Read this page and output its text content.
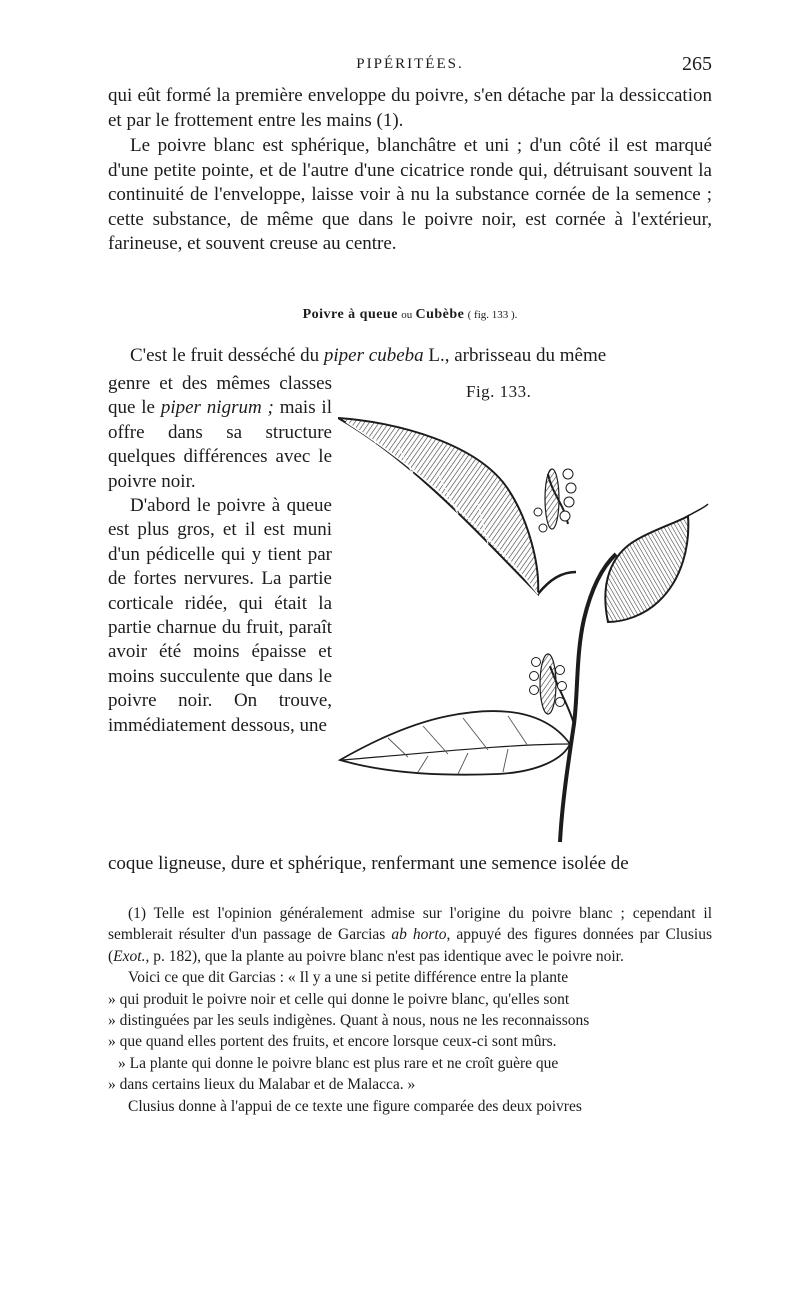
PIPÉRITÉES.	265

qui eût formé la première enveloppe du poivre, s'en détache par la dessiccation et par le frottement entre les mains (1).

Le poivre blanc est sphérique, blanchâtre et uni ; d'un côté il est marqué d'une petite pointe, et de l'autre d'une cicatrice ronde qui, détruisant souvent la continuité de l'enveloppe, laisse voir à nu la substance cornée de la semence ; cette substance, de même que dans le poivre noir, est cornée à l'extérieur, farineuse, et souvent creuse au centre.

Poivre à queue ou Cubèbe ( fig. 133 ).

C'est le fruit desséché du piper cubeba L., arbrisseau du même

genre et des mêmes classes que le piper nigrum ; mais il offre dans sa structure quelques différences avec le poivre noir.

D'abord le poivre à queue est plus gros, et il est muni d'un pédicelle qui y tient par de fortes nervures. La partie corticale ridée, qui était la partie charnue du fruit, paraît avoir été moins épaisse et moins succulente que dans le poivre noir. On trouve, immédiatement dessous, une

Fig. 133.

coque ligneuse, dure et sphérique, renfermant une semence isolée de

(1) Telle est l'opinion généralement admise sur l'origine du poivre blanc ; cependant il semblerait résulter d'un passage de Garcias ab horto, appuyé des figures données par Clusius (Exot., p. 182), que la plante au poivre blanc n'est pas identique avec le poivre noir.

Voici ce que dit Garcias : « Il y a une si petite différence entre la plante

» qui produit le poivre noir et celle qui donne le poivre blanc, qu'elles sont

» distinguées par les seuls indigènes. Quant à nous, nous ne les reconnaissons

» que quand elles portent des fruits, et encore lorsque ceux-ci sont mûrs.

» La plante qui donne le poivre blanc est plus rare et ne croît guère que

» dans certains lieux du Malabar et de Malacca. »

Clusius donne à l'appui de ce texte une figure comparée des deux poivres
